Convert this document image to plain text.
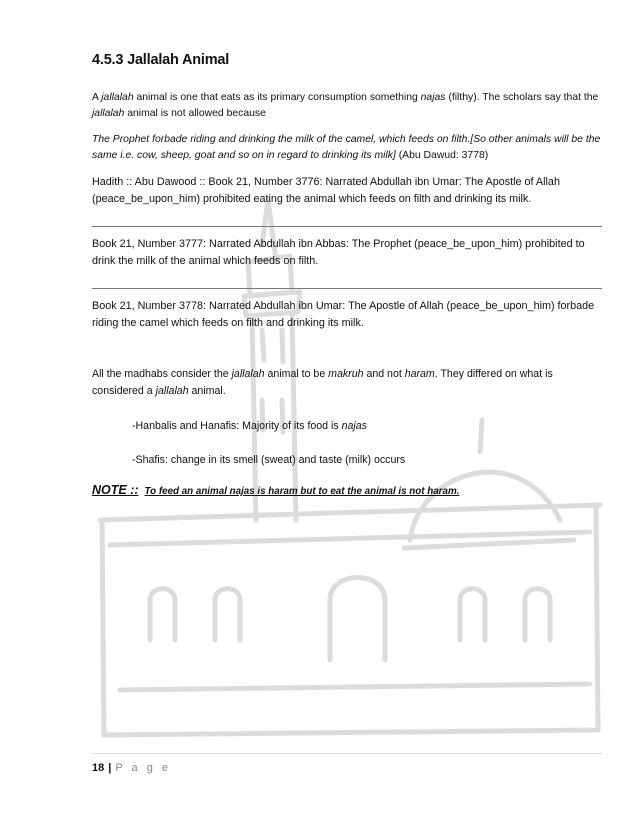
4.5.3 Jallalah Animal

A jallalah animal is one that eats as its primary consumption something najas (filthy). The scholars say that the jallalah animal is not allowed because

The Prophet forbade riding and drinking the milk of the camel, which feeds on filth.[So other animals will be the same i.e. cow, sheep, goat and so on in regard to drinking its milk] (Abu Dawud: 3778)

Hadith :: Abu Dawood :: Book 21, Number 3776: Narrated Abdullah ibn Umar: The Apostle of Allah (peace_be_upon_him) prohibited eating the animal which feeds on filth and drinking its milk.

Book 21, Number 3777: Narrated Abdullah ibn Abbas: The Prophet (peace_be_upon_him) prohibited to drink the milk of the animal which feeds on filth.

Book 21, Number 3778: Narrated Abdullah ibn Umar: The Apostle of Allah (peace_be_upon_him) forbade riding the camel which feeds on filth and drinking its milk.

All the madhabs consider the jallalah animal to be makruh and not haram. They differed on what is considered a jallalah animal.

-Hanbalis and Hanafis: Majority of its food is najas

-Shafis: change in its smell (sweat) and taste (milk) occurs

NOTE :: To feed an animal najas is haram but to eat the animal is not haram.

18 | P a g e
